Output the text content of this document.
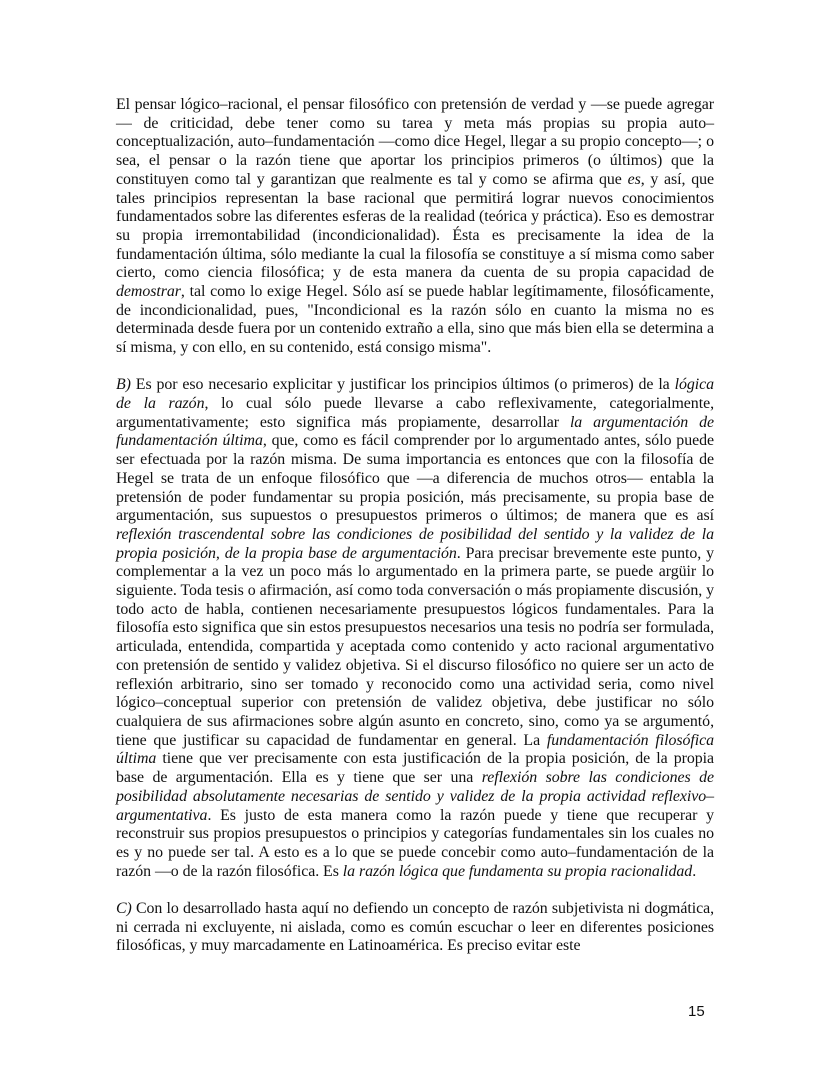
El pensar lógico–racional, el pensar filosófico con pretensión de verdad y —se puede agregar— de criticidad, debe tener como su tarea y meta más propias su propia auto–conceptualización, auto–fundamentación —como dice Hegel, llegar a su propio concepto—; o sea, el pensar o la razón tiene que aportar los principios primeros (o últimos) que la constituyen como tal y garantizan que realmente es tal y como se afirma que es, y así, que tales principios representan la base racional que permitirá lograr nuevos conocimientos fundamentados sobre las diferentes esferas de la realidad (teórica y práctica). Eso es demostrar su propia irremontabilidad (incondicionalidad). Ésta es precisamente la idea de la fundamentación última, sólo mediante la cual la filosofía se constituye a sí misma como saber cierto, como ciencia filosófica; y de esta manera da cuenta de su propia capacidad de demostrar, tal como lo exige Hegel. Sólo así se puede hablar legítimamente, filosóficamente, de incondicionalidad, pues, "Incondicional es la razón sólo en cuanto la misma no es determinada desde fuera por un contenido extraño a ella, sino que más bien ella se determina a sí misma, y con ello, en su contenido, está consigo misma".

B) Es por eso necesario explicitar y justificar los principios últimos (o primeros) de la lógica de la razón, lo cual sólo puede llevarse a cabo reflexivamente, categorialmente, argumentativamente; esto significa más propiamente, desarrollar la argumentación de fundamentación última, que, como es fácil comprender por lo argumentado antes, sólo puede ser efectuada por la razón misma. De suma importancia es entonces que con la filosofía de Hegel se trata de un enfoque filosófico que —a diferencia de muchos otros— entabla la pretensión de poder fundamentar su propia posición, más precisamente, su propia base de argumentación, sus supuestos o presupuestos primeros o últimos; de manera que es así reflexión trascendental sobre las condiciones de posibilidad del sentido y la validez de la propia posición, de la propia base de argumentación. Para precisar brevemente este punto, y complementar a la vez un poco más lo argumentado en la primera parte, se puede argüir lo siguiente. Toda tesis o afirmación, así como toda conversación o más propiamente discusión, y todo acto de habla, contienen necesariamente presupuestos lógicos fundamentales. Para la filosofía esto significa que sin estos presupuestos necesarios una tesis no podría ser formulada, articulada, entendida, compartida y aceptada como contenido y acto racional argumentativo con pretensión de sentido y validez objetiva. Si el discurso filosófico no quiere ser un acto de reflexión arbitrario, sino ser tomado y reconocido como una actividad seria, como nivel lógico–conceptual superior con pretensión de validez objetiva, debe justificar no sólo cualquiera de sus afirmaciones sobre algún asunto en concreto, sino, como ya se argumentó, tiene que justificar su capacidad de fundamentar en general. La fundamentación filosófica última tiene que ver precisamente con esta justificación de la propia posición, de la propia base de argumentación. Ella es y tiene que ser una reflexión sobre las condiciones de posibilidad absolutamente necesarias de sentido y validez de la propia actividad reflexivo–argumentativa. Es justo de esta manera como la razón puede y tiene que recuperar y reconstruir sus propios presupuestos o principios y categorías fundamentales sin los cuales no es y no puede ser tal. A esto es a lo que se puede concebir como auto–fundamentación de la razón —o de la razón filosófica. Es la razón lógica que fundamenta su propia racionalidad.

C) Con lo desarrollado hasta aquí no defiendo un concepto de razón subjetivista ni dogmática, ni cerrada ni excluyente, ni aislada, como es común escuchar o leer en diferentes posiciones filosóficas, y muy marcadamente en Latinoamérica. Es preciso evitar este

15
